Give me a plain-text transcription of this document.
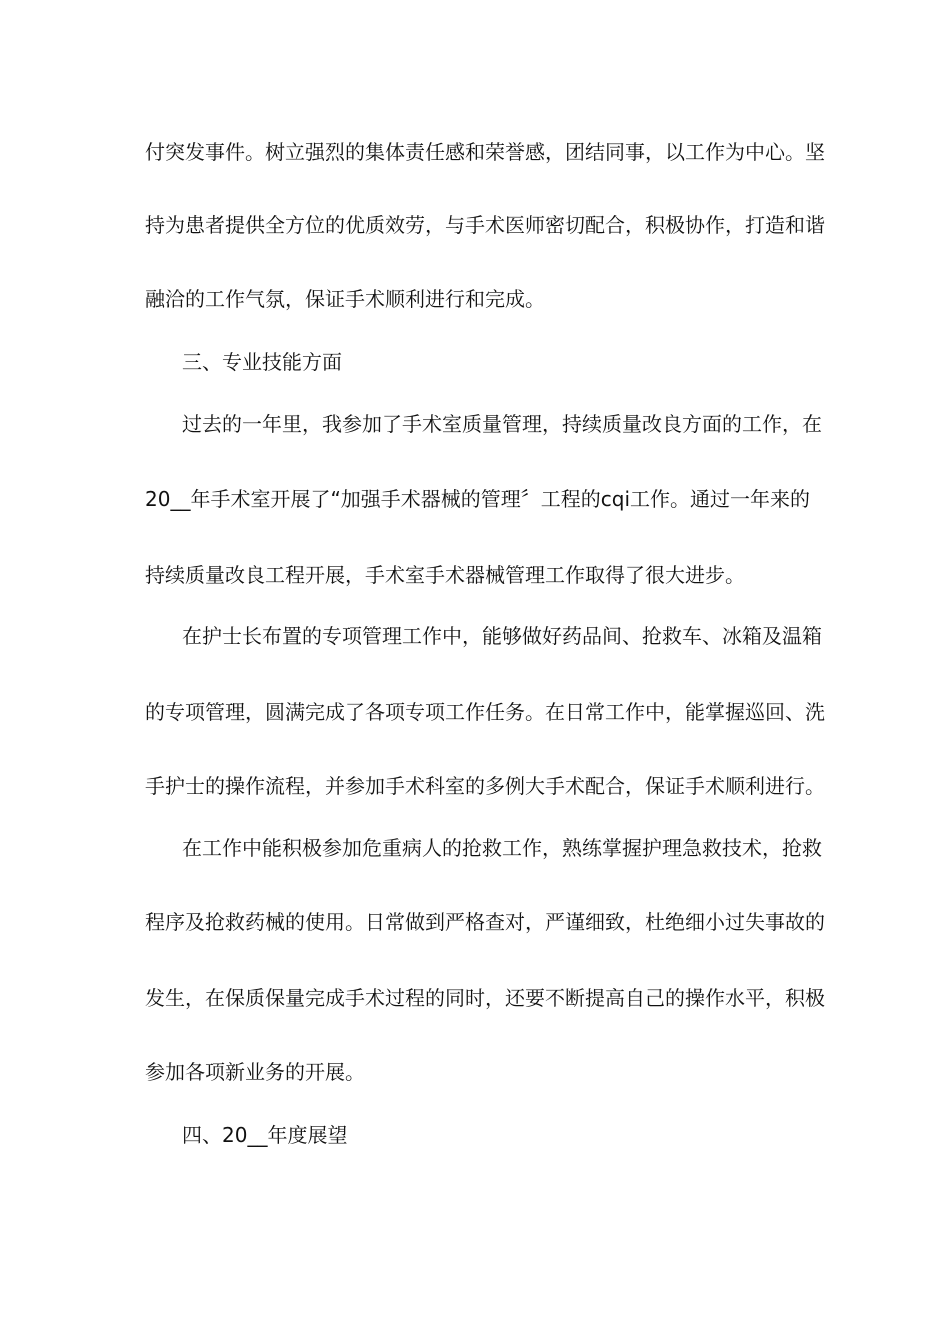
付突发事件。树立强烈的集体责任感和荣誉感，团结同事，以工作为中心。坚
持为患者提供全方位的优质效劳，与手术医师密切配合，积极协作，打造和谐
融洽的工作气氛，保证手术顺利进行和完成。
三、专业技能方面
过去的一年里，我参加了手术室质量管理，持续质量改良方面的工作，在
20__年手术室开展了“加强手术器械的管理〞工程的cqi工作。通过一年来的
持续质量改良工程开展，手术室手术器械管理工作取得了很大进步。
在护士长布置的专项管理工作中，能够做好药品间、抢救车、冰箱及温箱
的专项管理，圆满完成了各项专项工作任务。在日常工作中，能掌握巡回、洗
手护士的操作流程，并参加手术科室的多例大手术配合，保证手术顺利进行。
在工作中能积极参加危重病人的抢救工作，熟练掌握护理急救技术，抢救
程序及抢救药械的使用。日常做到严格查对，严谨细致，杜绝细小过失事故的
发生，在保质保量完成手术过程的同时，还要不断提高自己的操作水平，积极
参加各项新业务的开展。
四、20__年度展望
